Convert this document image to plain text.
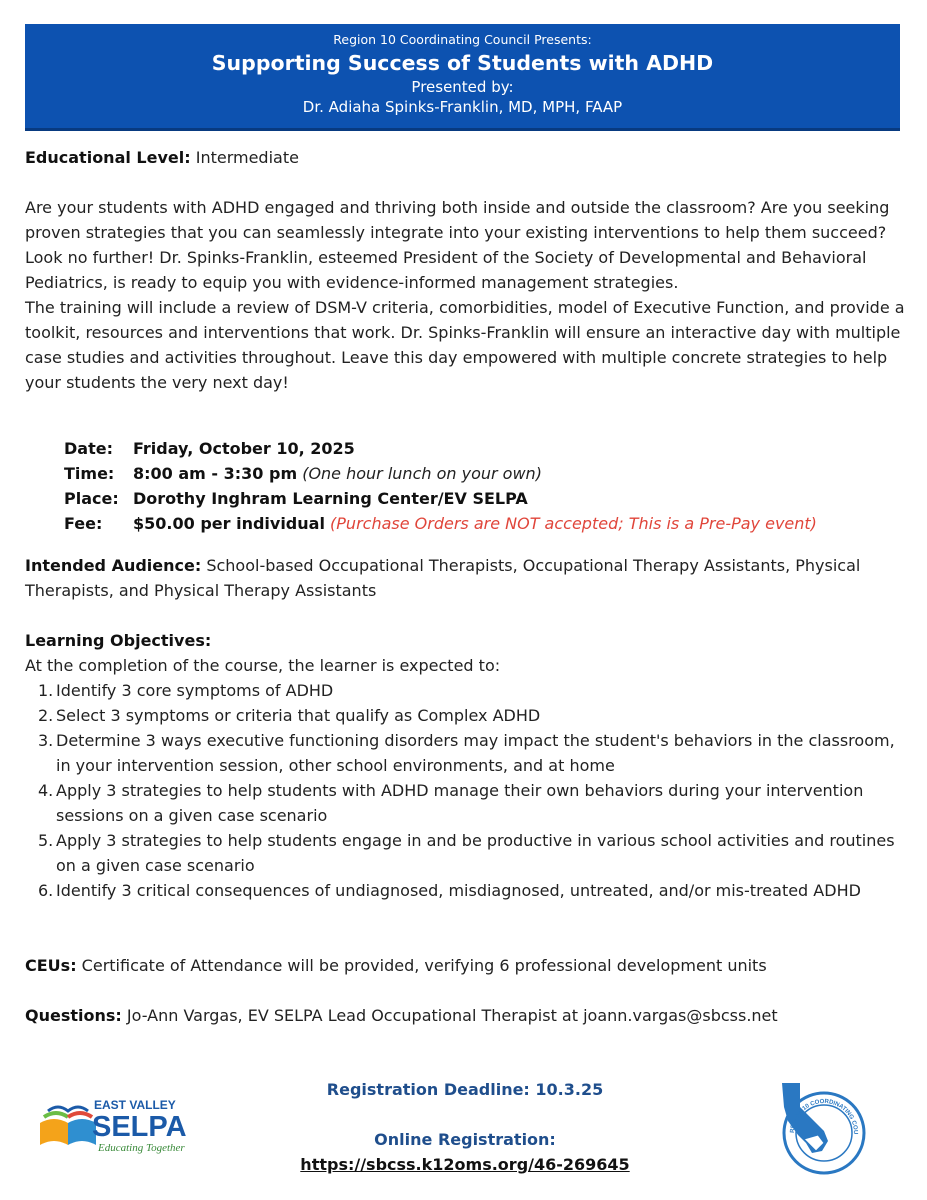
Region 10 Coordinating Council Presents:
Supporting Success of Students with ADHD
Presented by:
Dr. Adiaha Spinks-Franklin, MD, MPH, FAAP

Educational Level: Intermediate

Are your students with ADHD engaged and thriving both inside and outside the classroom? Are you seeking proven strategies that you can seamlessly integrate into your existing interventions to help them succeed? Look no further! Dr. Spinks-Franklin, esteemed President of the Society of Developmental and Behavioral Pediatrics, is ready to equip you with evidence-informed management strategies.

The training will include a review of DSM-V criteria, comorbidities, model of Executive Function, and provide a toolkit, resources and interventions that work. Dr. Spinks-Franklin will ensure an interactive day with multiple case studies and activities throughout. Leave this day empowered with multiple concrete strategies to help your students the very next day!

Date:	Friday, October 10, 2025
Time:	8:00 am - 3:30 pm (One hour lunch on your own)
Place: Dorothy Inghram Learning Center/EV SELPA
Fee:	$50.00 per individual (Purchase Orders are NOT accepted; This is a Pre-Pay event)
Intended Audience: School-based Occupational Therapists, Occupational Therapy Assistants, Physical Therapists, and Physical Therapy Assistants
Learning Objectives:
At the completion of the course, the learner is expected to:
1. Identify 3 core symptoms of ADHD
2. Select 3 symptoms or criteria that qualify as Complex ADHD
3. Determine 3 ways executive functioning disorders may impact the student's behaviors in the classroom, in your intervention session, other school environments, and at home
4. Apply 3 strategies to help students with ADHD manage their own behaviors during your intervention sessions on a given case scenario
5. Apply 3 strategies to help students engage in and be productive in various school activities and routines on a given case scenario
6. Identify 3 critical consequences of undiagnosed, misdiagnosed, untreated, and/or mis-treated ADHD
CEUs: Certificate of Attendance will be provided, verifying 6 professional development units
Questions: Jo-Ann Vargas, EV SELPA Lead Occupational Therapist at joann.vargas@sbcss.net
EAST VALLEY
SELPA
Educating Together
Registration Deadline: 10.3.25
Online Registration:
https://sbcss.k12oms.org/46-269645
REGION 10 COORDINATING COU
